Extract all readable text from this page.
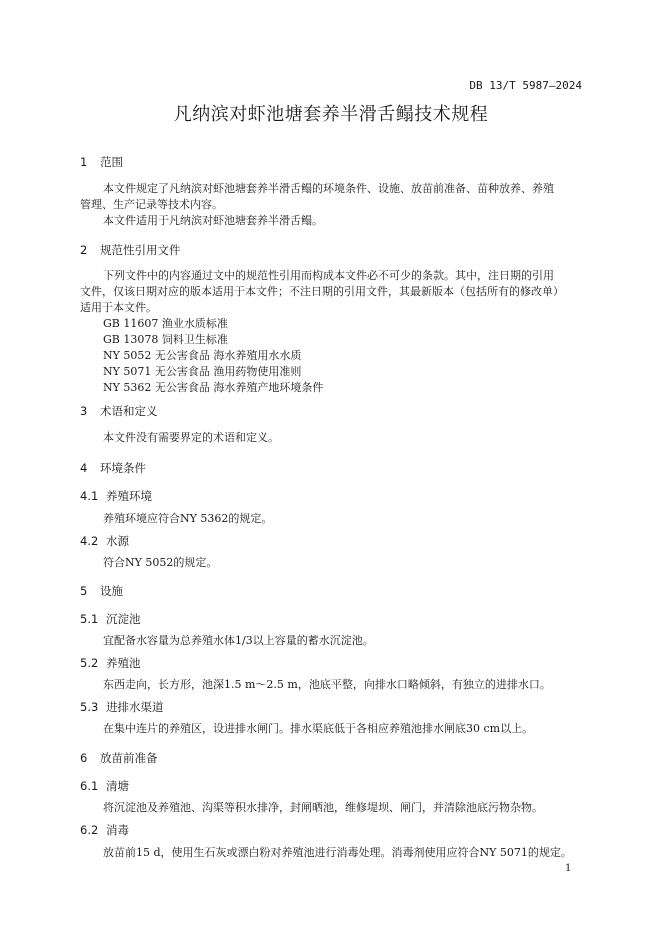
DB 13/T 5987—2024
凡纳滨对虾池塘套养半滑舌鳎技术规程
1 范围
本文件规定了凡纳滨对虾池塘套养半滑舌鳎的环境条件、设施、放苗前准备、苗种放养、养殖
管理、生产记录等技术内容。
本文件适用于凡纳滨对虾池塘套养半滑舌鳎。
2 规范性引用文件
下列文件中的内容通过文中的规范性引用而构成本文件必不可少的条款。其中，注日期的引用
文件，仅该日期对应的版本适用于本文件；不注日期的引用文件，其最新版本（包括所有的修改单）
适用于本文件。
GB 11607 渔业水质标准
GB 13078 饲料卫生标准
NY 5052 无公害食品 海水养殖用水水质
NY 5071 无公害食品 渔用药物使用准则
NY 5362 无公害食品 海水养殖产地环境条件
3 术语和定义
本文件没有需要界定的术语和定义。
4 环境条件
4.1 养殖环境
养殖环境应符合NY 5362的规定。
4.2 水源
符合NY 5052的规定。
5 设施
5.1 沉淀池
宜配备水容量为总养殖水体1/3以上容量的蓄水沉淀池。
5.2 养殖池
东西走向，长方形，池深1.5 m～2.5 m，池底平整，向排水口略倾斜，有独立的进排水口。
5.3 进排水渠道
在集中连片的养殖区，设进排水闸门。排水渠底低于各相应养殖池排水闸底30 cm以上。
6 放苗前准备
6.1 清塘
将沉淀池及养殖池、沟渠等积水排净，封闸晒池，维修堤坝、闸门，并清除池底污物杂物。
6.2 消毒
放苗前15 d，使用生石灰或漂白粉对养殖池进行消毒处理。消毒剂使用应符合NY 5071的规定。
1
